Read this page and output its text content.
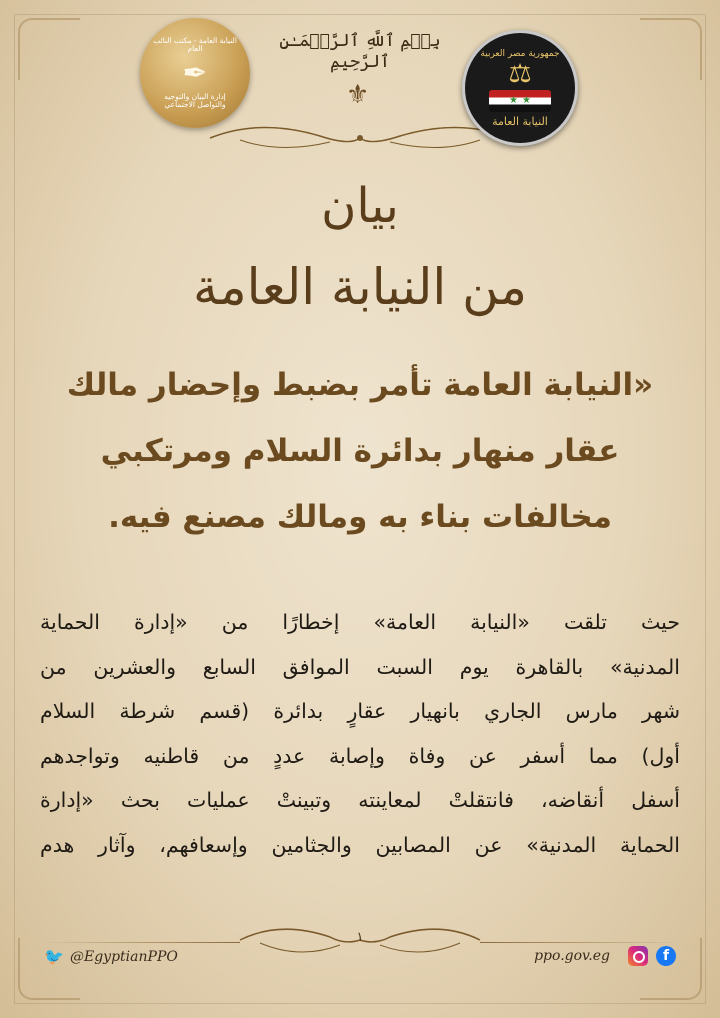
النيابة العامة - مكتب النائب العام
✒
إدارة البيان والتوجيه والتواصل الاجتماعي
بِسۡمِ ٱللَّهِ ٱلرَّحۡمَـٰنِ ٱلرَّحِيمِ
⚜
جمهورية مصر العربية
⚖
★ ★
النيابة العامة
بيان
من النيابة العامة
«النيابة العامة تأمر بضبط وإحضار مالك
عقار منهار بدائرة السلام ومرتكبي
مخالفات بناء به ومالك مصنع فيه.
حيث تلقت «النيابة العامة» إخطارًا من «إدارة الحماية
المدنية» بالقاهرة يوم السبت الموافق السابع والعشرين من
شهر مارس الجاري بانهيار عقارٍ بدائرة (قسم شرطة السلام
أول) مما أسفر عن وفاة وإصابة عددٍ من قاطنيه وتواجدهم
أسفل أنقاضه، فانتقلتْ لمعاينته وتبينتْ عمليات بحث «إدارة
الحماية المدنية» عن المصابين والجثامين وإسعافهم، وآثار هدم
١
🐦 @EgyptianPPO	ppo.gov.eg	f
